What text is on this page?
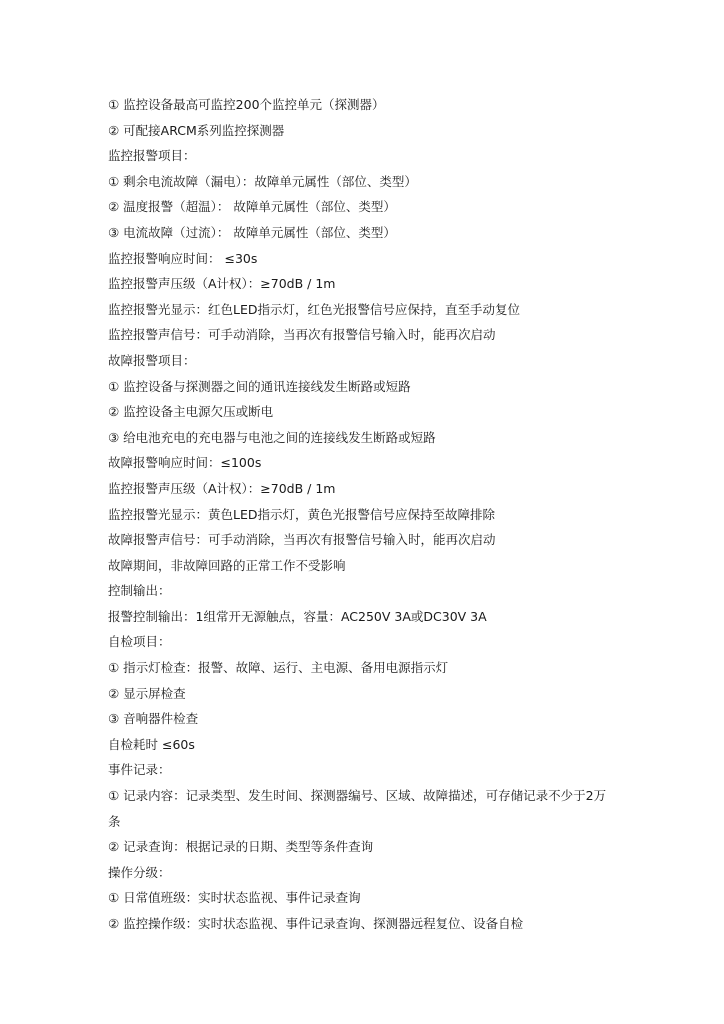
① 监控设备最高可监控200个监控单元（探测器）
② 可配接ARCM系列监控探测器
监控报警项目：
① 剩余电流故障（漏电）：故障单元属性（部位、类型）
② 温度报警（超温）： 故障单元属性（部位、类型）
③ 电流故障（过流）： 故障单元属性（部位、类型）
监控报警响应时间： ≤30s
监控报警声压级（A计权）：≥70dB / 1m
监控报警光显示：红色LED指示灯，红色光报警信号应保持，直至手动复位
监控报警声信号：可手动消除，当再次有报警信号输入时，能再次启动
故障报警项目：
① 监控设备与探测器之间的通讯连接线发生断路或短路
② 监控设备主电源欠压或断电
③ 给电池充电的充电器与电池之间的连接线发生断路或短路
故障报警响应时间：≤100s
监控报警声压级（A计权）：≥70dB / 1m
监控报警光显示：黄色LED指示灯，黄色光报警信号应保持至故障排除
故障报警声信号：可手动消除，当再次有报警信号输入时，能再次启动
故障期间，非故障回路的正常工作不受影响
控制输出：
报警控制输出：1组常开无源触点，容量：AC250V 3A或DC30V 3A
自检项目：
① 指示灯检查：报警、故障、运行、主电源、备用电源指示灯
② 显示屏检查
③ 音响器件检查
自检耗时 ≤60s
事件记录：
① 记录内容：记录类型、发生时间、探测器编号、区域、故障描述，可存储记录不少于2万
条
② 记录查询：根据记录的日期、类型等条件查询
操作分级：
① 日常值班级：实时状态监视、事件记录查询
② 监控操作级：实时状态监视、事件记录查询、探测器远程复位、设备自检
